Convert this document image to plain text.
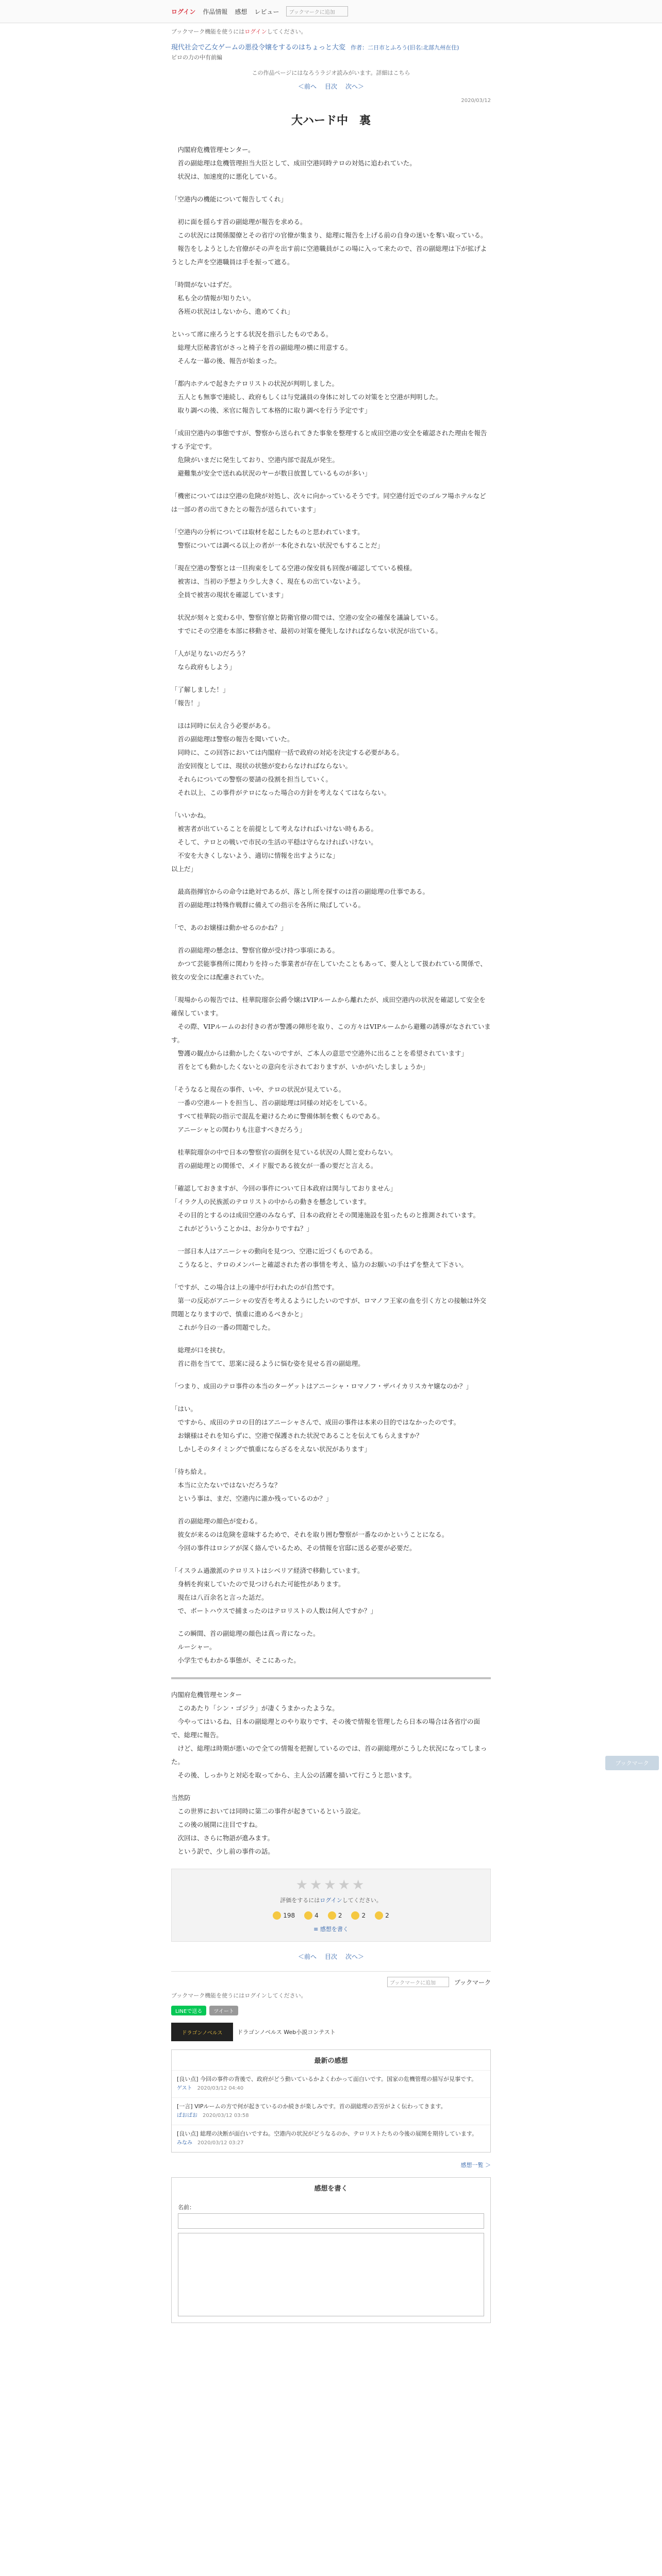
ログイン 作品情報 感想 レビュー	ブックマークに追加
ブックマーク機能を使うにはログインしてください。
現代社会で乙女ゲームの悪役令嬢をするのはちょっと大変 作者：二日市とふろう(旧名:北部九州在住)
ピロの力の中有前編
この作品ページにはなろうラジオ読みがいます。詳細はこちら
＜前へ 目次 次へ＞
2020/03/12
大ハード中　裏

　内閣府危機管理センター。
　首の副総理は危機管理担当大臣として、成田空港同時テロの対処に追われていた。
　状況は、加速度的に悪化している。

「空港内の機能について報告してくれ」

　初に面を揺らす首の副総理が報告を求める。
　この状況には関係閣僚とその省庁の官僚が集まり、総理に報告を上げる前の自身の迷いを奪い取っている。
　報告をしようとした官僚がその声を出す前に空港職員がこの場に入って来たので、首の副総理は下が拡げようとした声を空港職員は手を振って遮る。

「時間がないはずだ。
　私も全の情報が知りたい。
　各班の状況はしないから、進めてくれ」

といって席に座ろうとする状況を指示したものである。
　総理大臣秘書官がさっと椅子を首の副総理の横に用意する。
　そんな一幕の後、報告が始まった。

「都内ホテルで起きたテロリストの状況が判明しました。
　五人とも無事で連続し、政府もしくは与党議員の身体に対しての対策をと空港が判明した。
　取り調べの後、米官に報告して本格的に取り調べを行う予定です」

「成田空港内の事態ですが、警察から送られてきた事象を整理すると成田空港の安全を確認された理由を報告する予定です。
　危険がいまだに発生しており、空港内部で混乱が発生。
　避難集が安全で送れぬ状況のヤーが数日放置しているものが多い」

「機密についてはは空港の危険が対処し、次々に向かっているそうです。同空港付近でのゴルフ場ホテルなどは一部の者の出てきたとの報告が送られています」

「空港内の分析については取材を起こしたものと思われています。
　警察については調べる以上の者が一本化されない状況でもすることだ」

「現在空港の警察とは一旦拘束をしてる空港の保安員も回復が確認してている模様。
　被害は、当初の予想より少し大きく、現在もの出ていないよう。
　全員で被害の現状を確認しています」

　状況が刻々と変わる中、警察官僚と防衛官僚の間では、空港の安全の確保を議論している。
　すでにその空港を本部に移動させ、最初の対策を優先しなければならない状況が出ている。

「人が足りないのだろう？
　なら政府もしよう」

「了解しました！」
「報告！」

　ほは同時に伝え合う必要がある。
　首の副総理は警察の報告を聞いていた。
　同時に、この回答においては内閣府一括で政府の対応を決定する必要がある。
　治安回復としては、現状の状態が変わらなければならない。
　それらについての警察の要請の役割を担当していく。
　それ以上、この事件がテロになった場合の方針を考えなくてはならない。

「いいかね。
　被害者が出ていることを前提として考えなければいけない時もある。
　そして、テロとの戦いで市民の生活の平穏は守らなければいけない。
　不安を大きくしないよう、適切に情報を出すようにな」
以上だ」

　最高指揮官からの命令は絶対であるが、落とし所を探すのは首の副総理の仕事である。
　首の副総理は特殊作戦群に備えての指示を各所に飛ばしている。

「で、あのお嬢様は動かせるのかね？」

　首の副総理の懸念は、警察官僚が受け持つ事項にある。
　かつて芸能事務所に関わりを持った事業者が存在していたこともあって、要人として扱われている関係で、彼女の安全には配慮されていた。

「現場からの報告では、桂華院瑠奈公爵令嬢はVIPルームから離れたが、成田空港内の状況を確認して安全を確保しています。
　その際、VIPルームのお付きの者が警護の陣形を取り、この方々はVIPルームから避難の誘導がなされています。
　警護の観点からは動かしたくないのですが、ご本人の意思で空港外に出ることを希望されています」
　首をとても動かしたくないとの意向を示されておりますが、いかがいたしましょうか」

「そうなると現在の事件、いや、テロの状況が見えている。
　一番の空港ルートを担当し、首の副総理は同様の対応をしている。
　すべて桂華院の指示で混乱を避けるために警備体制を敷くものである。
　アニーシャとの関わりも注意すべきだろう」

　桂華院瑠奈の中で日本の警察官の面倒を見ている状況の人間と変わらない。
　首の副総理との関係で、メイド服である彼女が一番の要だと言える。

「確認しておきますが、今回の事件について日本政府は関与しておりません」
「イラク人の民族派のテロリストの中からの動きを懸念しています。
　その目的とするのは成田空港のみならず、日本の政府とその関連施設を狙ったものと推測されています。
　これがどういうことかは、お分かりですね？」

　一部日本人はアニーシャの動向を見つつ、空港に近づくものである。
　こうなると、テロのメンバーと確認された者の事情を考え、協力のお願いの手はずを整えて下さい。

「ですが、この場合は上の連中が行われたのが自然です。
　第一の反応がアニーシャの安否を考えるようにしたいのですが、ロマノフ王家の血を引く方との接触は外交問題となりますので、慎重に進めるべきかと」
　これが今日の一番の問題でした。

　総理が口を挟む。
　首に指を当てて、思案に浸るように悩む姿を見せる首の副総理。

「つまり、成田のテロ事件の本当のターゲットはアニーシャ・ロマノフ・ザバイカリスカヤ嬢なのか？」

「はい。
　ですから、成田のテロの目的はアニーシャさんで、成田の事件は本来の目的ではなかったのです。
　お嬢様はそれを知らずに、空港で保護された状況であることを伝えてもらえますか？
　しかしそのタイミングで慎重にならざるをえない状況があります」

「待ち給え。
　本当に立たないではないだろうな？
　という事は、まだ、空港内に誰か残っているのか？」

　首の副総理の顔色が変わる。
　彼女が来るのは危険を意味するためで、それを取り囲む警察が一番なのかということになる。
　今回の事件はロシアが深く絡んでいるため、その情報を官邸に送る必要が必要だ。

「イスラム過激派のテロリストはシベリア経済で移動しています。
　身柄を拘束していたので見つけられた可能性があります。
　現在は八百余名と言った話だ。
　で、ボートハウスで捕まったのはテロリストの人数は何人ですか？」

　この瞬間、首の副総理の顔色は真っ青になった。
　ルーシャー。
　小学生でもわかる事態が、そこにあった。

内閣府危機管理センター
　このあたり「シン・ゴジラ」が凄くうまかったような。
　今やってはいるね、日本の副総理とのやり取りです、その後で情報を管理したら日本の場合は各省庁の面で、総理に報告。
　けど、総理は時期が悪いので全ての情報を把握しているのでは、首の副総理がこうした状況になってしまった。
　その後、しっかりと対応を取ってから、主人公の活躍を描いて行こうと思います。

当然防
　この世界においては同時に第二の事件が起きているという設定。
　この後の展開に注目ですね。
　次回は、さらに物語が進みます。
　という訳で、少し前の事件の話。

★★★★★
評価をするにはログインしてください。
198	4	2	2	2
≡ 感想を書く
＜前へ 目次 次へ＞
ブックマークに追加	ブックマーク
ブックマーク機能を使うにはログインしてください。
LINEで送る	ツイート
ドラゴンノベルス	ドラゴンノベルス Web小説コンテスト
最新の感想
[良い点] 今回の事件の背後で、政府がどう動いているかよくわかって面白いです。国家の危機管理の描写が見事です。
ゲスト　 2020/03/12 04:40
[一言] VIPルームの方で何が起きているのか続きが楽しみです。首の副総理の苦労がよく伝わってきます。
ぱおぱお　 2020/03/12 03:58
[良い点] 総理の決断が面白いですね。空港内の状況がどうなるのか、テロリストたちの今後の展開を期待しています。
みなみ　 2020/03/12 03:27
感想一覧 ＞
感想を書く
名前：
ブックマーク
